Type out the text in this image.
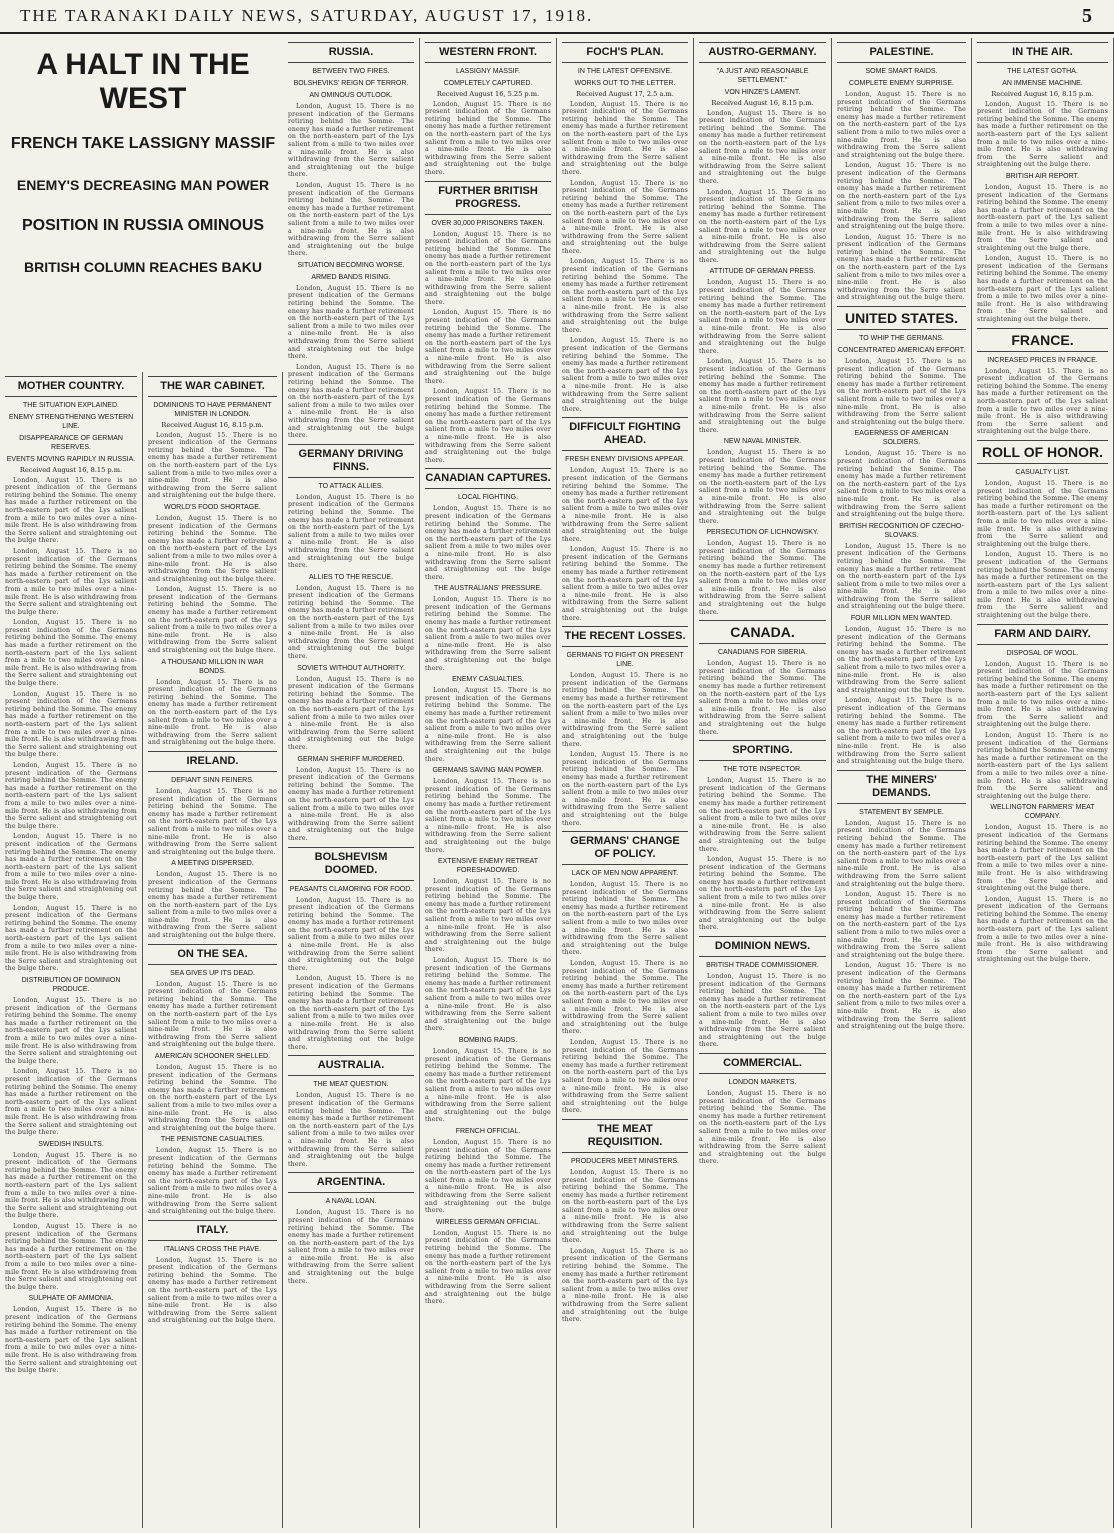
THE TARANAKI DAILY NEWS, SATURDAY, AUGUST 17, 1918.	5
A HALT IN THE WEST
FRENCH TAKE LASSIGNY MASSIF
ENEMY'S DECREASING MAN POWER
POSITION IN RUSSIA OMINOUS
BRITISH COLUMN REACHES BAKU
MOTHER COUNTRY.
THE SITUATION EXPLAINED.
ENEMY STRENGTHENING WESTERN LINE.
DISAPPEARANCE OF GERMAN RESERVES.
EVENTS MOVING RAPIDLY IN RUSSIA.
Received August 16, 8.15 p.m.

London, August 15. There is no present indication of the Germans retiring behind the Somme. The enemy has made a further retirement on the north-eastern part of the Lys salient from a mile to two miles over a nine-mile front. He is also withdrawing from the Serre salient and straightening out the bulge there.

London, August 15. There is no present indication of the Germans retiring behind the Somme. The enemy has made a further retirement on the north-eastern part of the Lys salient from a mile to two miles over a nine-mile front. He is also withdrawing from the Serre salient and straightening out the bulge there.

London, August 15. There is no present indication of the Germans retiring behind the Somme. The enemy has made a further retirement on the north-eastern part of the Lys salient from a mile to two miles over a nine-mile front. He is also withdrawing from the Serre salient and straightening out the bulge there.

London, August 15. There is no present indication of the Germans retiring behind the Somme. The enemy has made a further retirement on the north-eastern part of the Lys salient from a mile to two miles over a nine-mile front. He is also withdrawing from the Serre salient and straightening out the bulge there.

London, August 15. There is no present indication of the Germans retiring behind the Somme. The enemy has made a further retirement on the north-eastern part of the Lys salient from a mile to two miles over a nine-mile front. He is also withdrawing from the Serre salient and straightening out the bulge there.

London, August 15. There is no present indication of the Germans retiring behind the Somme. The enemy has made a further retirement on the north-eastern part of the Lys salient from a mile to two miles over a nine-mile front. He is also withdrawing from the Serre salient and straightening out the bulge there.

London, August 15. There is no present indication of the Germans retiring behind the Somme. The enemy has made a further retirement on the north-eastern part of the Lys salient from a mile to two miles over a nine-mile front. He is also withdrawing from the Serre salient and straightening out the bulge there.

DISTRIBUTION OF DOMINION PRODUCE.

London, August 15. There is no present indication of the Germans retiring behind the Somme. The enemy has made a further retirement on the north-eastern part of the Lys salient from a mile to two miles over a nine-mile front. He is also withdrawing from the Serre salient and straightening out the bulge there.

London, August 15. There is no present indication of the Germans retiring behind the Somme. The enemy has made a further retirement on the north-eastern part of the Lys salient from a mile to two miles over a nine-mile front. He is also withdrawing from the Serre salient and straightening out the bulge there.

SWEDISH INSULTS.

London, August 15. There is no present indication of the Germans retiring behind the Somme. The enemy has made a further retirement on the north-eastern part of the Lys salient from a mile to two miles over a nine-mile front. He is also withdrawing from the Serre salient and straightening out the bulge there.

London, August 15. There is no present indication of the Germans retiring behind the Somme. The enemy has made a further retirement on the north-eastern part of the Lys salient from a mile to two miles over a nine-mile front. He is also withdrawing from the Serre salient and straightening out the bulge there.

SULPHATE OF AMMONIA.

London, August 15. There is no present indication of the Germans retiring behind the Somme. The enemy has made a further retirement on the north-eastern part of the Lys salient from a mile to two miles over a nine-mile front. He is also withdrawing from the Serre salient and straightening out the bulge there.

THE WAR CABINET.
DOMINIONS TO HAVE PERMANENT MINISTER IN LONDON.
Received August 16, 8.15 p.m.

London, August 15. There is no present indication of the Germans retiring behind the Somme. The enemy has made a further retirement on the north-eastern part of the Lys salient from a mile to two miles over a nine-mile front. He is also withdrawing from the Serre salient and straightening out the bulge there.

WORLD'S FOOD SHORTAGE.

London, August 15. There is no present indication of the Germans retiring behind the Somme. The enemy has made a further retirement on the north-eastern part of the Lys salient from a mile to two miles over a nine-mile front. He is also withdrawing from the Serre salient and straightening out the bulge there.

London, August 15. There is no present indication of the Germans retiring behind the Somme. The enemy has made a further retirement on the north-eastern part of the Lys salient from a mile to two miles over a nine-mile front. He is also withdrawing from the Serre salient and straightening out the bulge there.

A THOUSAND MILLION IN WAR BONDS.

London, August 15. There is no present indication of the Germans retiring behind the Somme. The enemy has made a further retirement on the north-eastern part of the Lys salient from a mile to two miles over a nine-mile front. He is also withdrawing from the Serre salient and straightening out the bulge there.

IRELAND.
DEFIANT SINN FEINERS.

London, August 15. There is no present indication of the Germans retiring behind the Somme. The enemy has made a further retirement on the north-eastern part of the Lys salient from a mile to two miles over a nine-mile front. He is also withdrawing from the Serre salient and straightening out the bulge there.

A MEETING DISPERSED.

London, August 15. There is no present indication of the Germans retiring behind the Somme. The enemy has made a further retirement on the north-eastern part of the Lys salient from a mile to two miles over a nine-mile front. He is also withdrawing from the Serre salient and straightening out the bulge there.

ON THE SEA.
SEA GIVES UP ITS DEAD.

London, August 15. There is no present indication of the Germans retiring behind the Somme. The enemy has made a further retirement on the north-eastern part of the Lys salient from a mile to two miles over a nine-mile front. He is also withdrawing from the Serre salient and straightening out the bulge there.

AMERICAN SCHOONER SHELLED.

London, August 15. There is no present indication of the Germans retiring behind the Somme. The enemy has made a further retirement on the north-eastern part of the Lys salient from a mile to two miles over a nine-mile front. He is also withdrawing from the Serre salient and straightening out the bulge there.

THE PENISTONE CASUALTIES.

London, August 15. There is no present indication of the Germans retiring behind the Somme. The enemy has made a further retirement on the north-eastern part of the Lys salient from a mile to two miles over a nine-mile front. He is also withdrawing from the Serre salient and straightening out the bulge there.

ITALY.
ITALIANS CROSS THE PIAVE.

London, August 15. There is no present indication of the Germans retiring behind the Somme. The enemy has made a further retirement on the north-eastern part of the Lys salient from a mile to two miles over a nine-mile front. He is also withdrawing from the Serre salient and straightening out the bulge there.

RUSSIA.
BETWEEN TWO FIRES.
BOLSHEVIKS' REIGN OF TERROR.
AN OMINOUS OUTLOOK.

London, August 15. There is no present indication of the Germans retiring behind the Somme. The enemy has made a further retirement on the north-eastern part of the Lys salient from a mile to two miles over a nine-mile front. He is also withdrawing from the Serre salient and straightening out the bulge there.

London, August 15. There is no present indication of the Germans retiring behind the Somme. The enemy has made a further retirement on the north-eastern part of the Lys salient from a mile to two miles over a nine-mile front. He is also withdrawing from the Serre salient and straightening out the bulge there.

SITUATION BECOMING WORSE.
ARMED BANDS RISING.

London, August 15. There is no present indication of the Germans retiring behind the Somme. The enemy has made a further retirement on the north-eastern part of the Lys salient from a mile to two miles over a nine-mile front. He is also withdrawing from the Serre salient and straightening out the bulge there.

London, August 15. There is no present indication of the Germans retiring behind the Somme. The enemy has made a further retirement on the north-eastern part of the Lys salient from a mile to two miles over a nine-mile front. He is also withdrawing from the Serre salient and straightening out the bulge there.

GERMANY DRIVING FINNS.
TO ATTACK ALLIES.

London, August 15. There is no present indication of the Germans retiring behind the Somme. The enemy has made a further retirement on the north-eastern part of the Lys salient from a mile to two miles over a nine-mile front. He is also withdrawing from the Serre salient and straightening out the bulge there.

ALLIES TO THE RESCUE.

London, August 15. There is no present indication of the Germans retiring behind the Somme. The enemy has made a further retirement on the north-eastern part of the Lys salient from a mile to two miles over a nine-mile front. He is also withdrawing from the Serre salient and straightening out the bulge there.

SOVIETS WITHOUT AUTHORITY.

London, August 15. There is no present indication of the Germans retiring behind the Somme. The enemy has made a further retirement on the north-eastern part of the Lys salient from a mile to two miles over a nine-mile front. He is also withdrawing from the Serre salient and straightening out the bulge there.

GERMAN SHERIFF MURDERED.

London, August 15. There is no present indication of the Germans retiring behind the Somme. The enemy has made a further retirement on the north-eastern part of the Lys salient from a mile to two miles over a nine-mile front. He is also withdrawing from the Serre salient and straightening out the bulge there.

BOLSHEVISM DOOMED.
PEASANTS CLAMORING FOR FOOD.

London, August 15. There is no present indication of the Germans retiring behind the Somme. The enemy has made a further retirement on the north-eastern part of the Lys salient from a mile to two miles over a nine-mile front. He is also withdrawing from the Serre salient and straightening out the bulge there.

London, August 15. There is no present indication of the Germans retiring behind the Somme. The enemy has made a further retirement on the north-eastern part of the Lys salient from a mile to two miles over a nine-mile front. He is also withdrawing from the Serre salient and straightening out the bulge there.

AUSTRALIA.
THE MEAT QUESTION.

London, August 15. There is no present indication of the Germans retiring behind the Somme. The enemy has made a further retirement on the north-eastern part of the Lys salient from a mile to two miles over a nine-mile front. He is also withdrawing from the Serre salient and straightening out the bulge there.

ARGENTINA.
A NAVAL LOAN.

London, August 15. There is no present indication of the Germans retiring behind the Somme. The enemy has made a further retirement on the north-eastern part of the Lys salient from a mile to two miles over a nine-mile front. He is also withdrawing from the Serre salient and straightening out the bulge there.

WESTERN FRONT.
LASSIGNY MASSIF.
COMPLETELY CAPTURED.
Received August 16, 5.25 p.m.

London, August 15. There is no present indication of the Germans retiring behind the Somme. The enemy has made a further retirement on the north-eastern part of the Lys salient from a mile to two miles over a nine-mile front. He is also withdrawing from the Serre salient and straightening out the bulge there.

FURTHER BRITISH PROGRESS.
OVER 30,000 PRISONERS TAKEN.

London, August 15. There is no present indication of the Germans retiring behind the Somme. The enemy has made a further retirement on the north-eastern part of the Lys salient from a mile to two miles over a nine-mile front. He is also withdrawing from the Serre salient and straightening out the bulge there.

London, August 15. There is no present indication of the Germans retiring behind the Somme. The enemy has made a further retirement on the north-eastern part of the Lys salient from a mile to two miles over a nine-mile front. He is also withdrawing from the Serre salient and straightening out the bulge there.

London, August 15. There is no present indication of the Germans retiring behind the Somme. The enemy has made a further retirement on the north-eastern part of the Lys salient from a mile to two miles over a nine-mile front. He is also withdrawing from the Serre salient and straightening out the bulge there.

CANADIAN CAPTURES.
LOCAL FIGHTING.

London, August 15. There is no present indication of the Germans retiring behind the Somme. The enemy has made a further retirement on the north-eastern part of the Lys salient from a mile to two miles over a nine-mile front. He is also withdrawing from the Serre salient and straightening out the bulge there.

THE AUSTRALIANS' PRESSURE.

London, August 15. There is no present indication of the Germans retiring behind the Somme. The enemy has made a further retirement on the north-eastern part of the Lys salient from a mile to two miles over a nine-mile front. He is also withdrawing from the Serre salient and straightening out the bulge there.

ENEMY CASUALTIES.

London, August 15. There is no present indication of the Germans retiring behind the Somme. The enemy has made a further retirement on the north-eastern part of the Lys salient from a mile to two miles over a nine-mile front. He is also withdrawing from the Serre salient and straightening out the bulge there.

GERMANS SAVING MAN POWER.

London, August 15. There is no present indication of the Germans retiring behind the Somme. The enemy has made a further retirement on the north-eastern part of the Lys salient from a mile to two miles over a nine-mile front. He is also withdrawing from the Serre salient and straightening out the bulge there.

EXTENSIVE ENEMY RETREAT FORESHADOWED.

London, August 15. There is no present indication of the Germans retiring behind the Somme. The enemy has made a further retirement on the north-eastern part of the Lys salient from a mile to two miles over a nine-mile front. He is also withdrawing from the Serre salient and straightening out the bulge there.

London, August 15. There is no present indication of the Germans retiring behind the Somme. The enemy has made a further retirement on the north-eastern part of the Lys salient from a mile to two miles over a nine-mile front. He is also withdrawing from the Serre salient and straightening out the bulge there.

BOMBING RAIDS.

London, August 15. There is no present indication of the Germans retiring behind the Somme. The enemy has made a further retirement on the north-eastern part of the Lys salient from a mile to two miles over a nine-mile front. He is also withdrawing from the Serre salient and straightening out the bulge there.

FRENCH OFFICIAL.

London, August 15. There is no present indication of the Germans retiring behind the Somme. The enemy has made a further retirement on the north-eastern part of the Lys salient from a mile to two miles over a nine-mile front. He is also withdrawing from the Serre salient and straightening out the bulge there.

WIRELESS GERMAN OFFICIAL.

London, August 15. There is no present indication of the Germans retiring behind the Somme. The enemy has made a further retirement on the north-eastern part of the Lys salient from a mile to two miles over a nine-mile front. He is also withdrawing from the Serre salient and straightening out the bulge there.

FOCH'S PLAN.
IN THE LATEST OFFENSIVE.
WORKS OUT TO THE LETTER.
Received August 17, 2.5 a.m.

London, August 15. There is no present indication of the Germans retiring behind the Somme. The enemy has made a further retirement on the north-eastern part of the Lys salient from a mile to two miles over a nine-mile front. He is also withdrawing from the Serre salient and straightening out the bulge there.

London, August 15. There is no present indication of the Germans retiring behind the Somme. The enemy has made a further retirement on the north-eastern part of the Lys salient from a mile to two miles over a nine-mile front. He is also withdrawing from the Serre salient and straightening out the bulge there.

London, August 15. There is no present indication of the Germans retiring behind the Somme. The enemy has made a further retirement on the north-eastern part of the Lys salient from a mile to two miles over a nine-mile front. He is also withdrawing from the Serre salient and straightening out the bulge there.

London, August 15. There is no present indication of the Germans retiring behind the Somme. The enemy has made a further retirement on the north-eastern part of the Lys salient from a mile to two miles over a nine-mile front. He is also withdrawing from the Serre salient and straightening out the bulge there.

DIFFICULT FIGHTING AHEAD.
FRESH ENEMY DIVISIONS APPEAR.

London, August 15. There is no present indication of the Germans retiring behind the Somme. The enemy has made a further retirement on the north-eastern part of the Lys salient from a mile to two miles over a nine-mile front. He is also withdrawing from the Serre salient and straightening out the bulge there.

London, August 15. There is no present indication of the Germans retiring behind the Somme. The enemy has made a further retirement on the north-eastern part of the Lys salient from a mile to two miles over a nine-mile front. He is also withdrawing from the Serre salient and straightening out the bulge there.

THE RECENT LOSSES.
GERMANS TO FIGHT ON PRESENT LINE.

London, August 15. There is no present indication of the Germans retiring behind the Somme. The enemy has made a further retirement on the north-eastern part of the Lys salient from a mile to two miles over a nine-mile front. He is also withdrawing from the Serre salient and straightening out the bulge there.

London, August 15. There is no present indication of the Germans retiring behind the Somme. The enemy has made a further retirement on the north-eastern part of the Lys salient from a mile to two miles over a nine-mile front. He is also withdrawing from the Serre salient and straightening out the bulge there.

GERMANS' CHANGE OF POLICY.
LACK OF MEN NOW APPARENT.

London, August 15. There is no present indication of the Germans retiring behind the Somme. The enemy has made a further retirement on the north-eastern part of the Lys salient from a mile to two miles over a nine-mile front. He is also withdrawing from the Serre salient and straightening out the bulge there.

London, August 15. There is no present indication of the Germans retiring behind the Somme. The enemy has made a further retirement on the north-eastern part of the Lys salient from a mile to two miles over a nine-mile front. He is also withdrawing from the Serre salient and straightening out the bulge there.

London, August 15. There is no present indication of the Germans retiring behind the Somme. The enemy has made a further retirement on the north-eastern part of the Lys salient from a mile to two miles over a nine-mile front. He is also withdrawing from the Serre salient and straightening out the bulge there.

THE MEAT REQUISITION.
PRODUCERS MEET MINISTERS.

London, August 15. There is no present indication of the Germans retiring behind the Somme. The enemy has made a further retirement on the north-eastern part of the Lys salient from a mile to two miles over a nine-mile front. He is also withdrawing from the Serre salient and straightening out the bulge there.

London, August 15. There is no present indication of the Germans retiring behind the Somme. The enemy has made a further retirement on the north-eastern part of the Lys salient from a mile to two miles over a nine-mile front. He is also withdrawing from the Serre salient and straightening out the bulge there.

AUSTRO-GERMANY.
"A JUST AND REASONABLE SETTLEMENT."
VON HINZE'S LAMENT.
Received August 16, 8.15 p.m.

London, August 15. There is no present indication of the Germans retiring behind the Somme. The enemy has made a further retirement on the north-eastern part of the Lys salient from a mile to two miles over a nine-mile front. He is also withdrawing from the Serre salient and straightening out the bulge there.

London, August 15. There is no present indication of the Germans retiring behind the Somme. The enemy has made a further retirement on the north-eastern part of the Lys salient from a mile to two miles over a nine-mile front. He is also withdrawing from the Serre salient and straightening out the bulge there.

ATTITUDE OF GERMAN PRESS.

London, August 15. There is no present indication of the Germans retiring behind the Somme. The enemy has made a further retirement on the north-eastern part of the Lys salient from a mile to two miles over a nine-mile front. He is also withdrawing from the Serre salient and straightening out the bulge there.

London, August 15. There is no present indication of the Germans retiring behind the Somme. The enemy has made a further retirement on the north-eastern part of the Lys salient from a mile to two miles over a nine-mile front. He is also withdrawing from the Serre salient and straightening out the bulge there.

NEW NAVAL MINISTER.

London, August 15. There is no present indication of the Germans retiring behind the Somme. The enemy has made a further retirement on the north-eastern part of the Lys salient from a mile to two miles over a nine-mile front. He is also withdrawing from the Serre salient and straightening out the bulge there.

PERSECUTION OF LICHNOWSKY.

London, August 15. There is no present indication of the Germans retiring behind the Somme. The enemy has made a further retirement on the north-eastern part of the Lys salient from a mile to two miles over a nine-mile front. He is also withdrawing from the Serre salient and straightening out the bulge there.

CANADA.
CANADIANS FOR SIBERIA.

London, August 15. There is no present indication of the Germans retiring behind the Somme. The enemy has made a further retirement on the north-eastern part of the Lys salient from a mile to two miles over a nine-mile front. He is also withdrawing from the Serre salient and straightening out the bulge there.

SPORTING.
THE TOTE INSPECTOR.

London, August 15. There is no present indication of the Germans retiring behind the Somme. The enemy has made a further retirement on the north-eastern part of the Lys salient from a mile to two miles over a nine-mile front. He is also withdrawing from the Serre salient and straightening out the bulge there.

London, August 15. There is no present indication of the Germans retiring behind the Somme. The enemy has made a further retirement on the north-eastern part of the Lys salient from a mile to two miles over a nine-mile front. He is also withdrawing from the Serre salient and straightening out the bulge there.

DOMINION NEWS.
BRITISH TRADE COMMISSIONER.

London, August 15. There is no present indication of the Germans retiring behind the Somme. The enemy has made a further retirement on the north-eastern part of the Lys salient from a mile to two miles over a nine-mile front. He is also withdrawing from the Serre salient and straightening out the bulge there.

COMMERCIAL.
LONDON MARKETS.

London, August 15. There is no present indication of the Germans retiring behind the Somme. The enemy has made a further retirement on the north-eastern part of the Lys salient from a mile to two miles over a nine-mile front. He is also withdrawing from the Serre salient and straightening out the bulge there.

PALESTINE.
SOME SMART RAIDS.
COMPLETE ENEMY SURPRISE.

London, August 15. There is no present indication of the Germans retiring behind the Somme. The enemy has made a further retirement on the north-eastern part of the Lys salient from a mile to two miles over a nine-mile front. He is also withdrawing from the Serre salient and straightening out the bulge there.

London, August 15. There is no present indication of the Germans retiring behind the Somme. The enemy has made a further retirement on the north-eastern part of the Lys salient from a mile to two miles over a nine-mile front. He is also withdrawing from the Serre salient and straightening out the bulge there.

London, August 15. There is no present indication of the Germans retiring behind the Somme. The enemy has made a further retirement on the north-eastern part of the Lys salient from a mile to two miles over a nine-mile front. He is also withdrawing from the Serre salient and straightening out the bulge there.

UNITED STATES.
TO WHIP THE GERMANS.
CONCENTRATED AMERICAN EFFORT.

London, August 15. There is no present indication of the Germans retiring behind the Somme. The enemy has made a further retirement on the north-eastern part of the Lys salient from a mile to two miles over a nine-mile front. He is also withdrawing from the Serre salient and straightening out the bulge there.

EAGERNESS OF AMERICAN SOLDIERS.

London, August 15. There is no present indication of the Germans retiring behind the Somme. The enemy has made a further retirement on the north-eastern part of the Lys salient from a mile to two miles over a nine-mile front. He is also withdrawing from the Serre salient and straightening out the bulge there.

BRITISH RECOGNITION OF CZECHO-SLOVAKS.

London, August 15. There is no present indication of the Germans retiring behind the Somme. The enemy has made a further retirement on the north-eastern part of the Lys salient from a mile to two miles over a nine-mile front. He is also withdrawing from the Serre salient and straightening out the bulge there.

FOUR MILLION MEN WANTED.

London, August 15. There is no present indication of the Germans retiring behind the Somme. The enemy has made a further retirement on the north-eastern part of the Lys salient from a mile to two miles over a nine-mile front. He is also withdrawing from the Serre salient and straightening out the bulge there.

London, August 15. There is no present indication of the Germans retiring behind the Somme. The enemy has made a further retirement on the north-eastern part of the Lys salient from a mile to two miles over a nine-mile front. He is also withdrawing from the Serre salient and straightening out the bulge there.

THE MINERS' DEMANDS.
STATEMENT BY SEMPLE.

London, August 15. There is no present indication of the Germans retiring behind the Somme. The enemy has made a further retirement on the north-eastern part of the Lys salient from a mile to two miles over a nine-mile front. He is also withdrawing from the Serre salient and straightening out the bulge there.

London, August 15. There is no present indication of the Germans retiring behind the Somme. The enemy has made a further retirement on the north-eastern part of the Lys salient from a mile to two miles over a nine-mile front. He is also withdrawing from the Serre salient and straightening out the bulge there.

London, August 15. There is no present indication of the Germans retiring behind the Somme. The enemy has made a further retirement on the north-eastern part of the Lys salient from a mile to two miles over a nine-mile front. He is also withdrawing from the Serre salient and straightening out the bulge there.

IN THE AIR.
THE LATEST GOTHA.
AN IMMENSE MACHINE.
Received August 16, 8.15 p.m.

London, August 15. There is no present indication of the Germans retiring behind the Somme. The enemy has made a further retirement on the north-eastern part of the Lys salient from a mile to two miles over a nine-mile front. He is also withdrawing from the Serre salient and straightening out the bulge there.

BRITISH AIR REPORT.

London, August 15. There is no present indication of the Germans retiring behind the Somme. The enemy has made a further retirement on the north-eastern part of the Lys salient from a mile to two miles over a nine-mile front. He is also withdrawing from the Serre salient and straightening out the bulge there.

London, August 15. There is no present indication of the Germans retiring behind the Somme. The enemy has made a further retirement on the north-eastern part of the Lys salient from a mile to two miles over a nine-mile front. He is also withdrawing from the Serre salient and straightening out the bulge there.

FRANCE.
INCREASED PRICES IN FRANCE.

London, August 15. There is no present indication of the Germans retiring behind the Somme. The enemy has made a further retirement on the north-eastern part of the Lys salient from a mile to two miles over a nine-mile front. He is also withdrawing from the Serre salient and straightening out the bulge there.

ROLL OF HONOR.
CASUALTY LIST.

London, August 15. There is no present indication of the Germans retiring behind the Somme. The enemy has made a further retirement on the north-eastern part of the Lys salient from a mile to two miles over a nine-mile front. He is also withdrawing from the Serre salient and straightening out the bulge there.

London, August 15. There is no present indication of the Germans retiring behind the Somme. The enemy has made a further retirement on the north-eastern part of the Lys salient from a mile to two miles over a nine-mile front. He is also withdrawing from the Serre salient and straightening out the bulge there.

FARM AND DAIRY.
DISPOSAL OF WOOL.

London, August 15. There is no present indication of the Germans retiring behind the Somme. The enemy has made a further retirement on the north-eastern part of the Lys salient from a mile to two miles over a nine-mile front. He is also withdrawing from the Serre salient and straightening out the bulge there.

London, August 15. There is no present indication of the Germans retiring behind the Somme. The enemy has made a further retirement on the north-eastern part of the Lys salient from a mile to two miles over a nine-mile front. He is also withdrawing from the Serre salient and straightening out the bulge there.

WELLINGTON FARMERS' MEAT COMPANY.

London, August 15. There is no present indication of the Germans retiring behind the Somme. The enemy has made a further retirement on the north-eastern part of the Lys salient from a mile to two miles over a nine-mile front. He is also withdrawing from the Serre salient and straightening out the bulge there.

London, August 15. There is no present indication of the Germans retiring behind the Somme. The enemy has made a further retirement on the north-eastern part of the Lys salient from a mile to two miles over a nine-mile front. He is also withdrawing from the Serre salient and straightening out the bulge there.
